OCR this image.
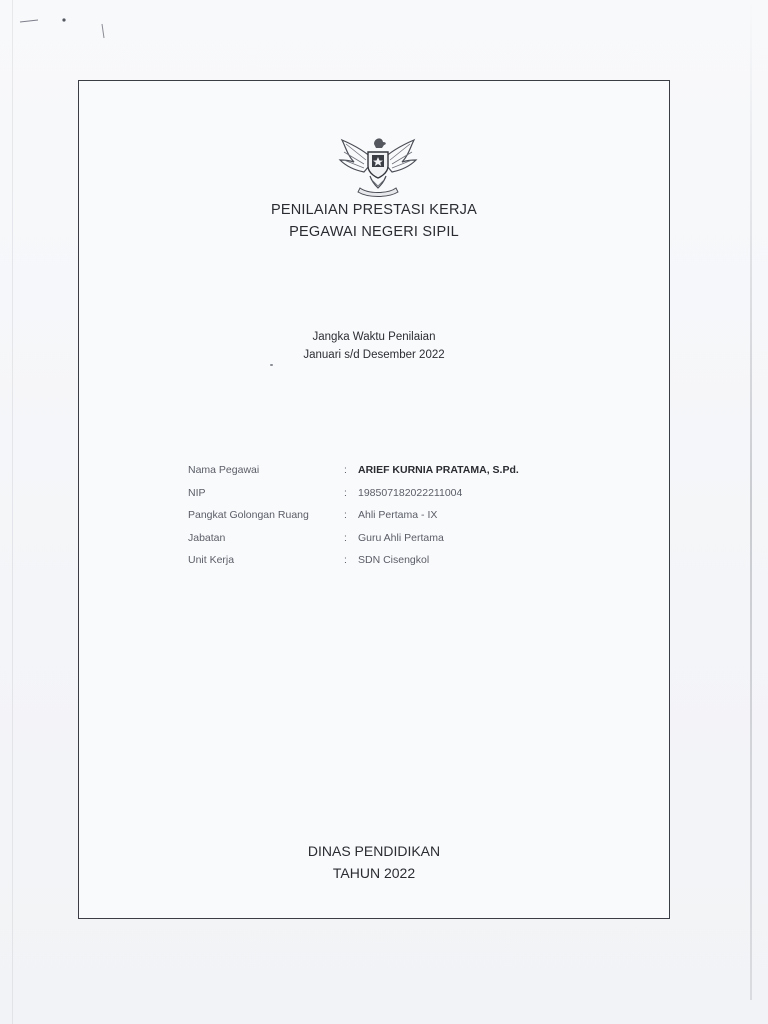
PENILAIAN PRESTASI KERJA
PEGAWAI NEGERI SIPIL
Jangka Waktu Penilaian
Januari s/d Desember 2022
Nama Pegawai	:	ARIEF KURNIA PRATAMA, S.Pd.
NIP	:	198507182022211004
Pangkat Golongan Ruang	:	Ahli Pertama - IX
Jabatan	:	Guru Ahli Pertama
Unit Kerja	:	SDN Cisengkol
DINAS PENDIDIKAN
TAHUN 2022
